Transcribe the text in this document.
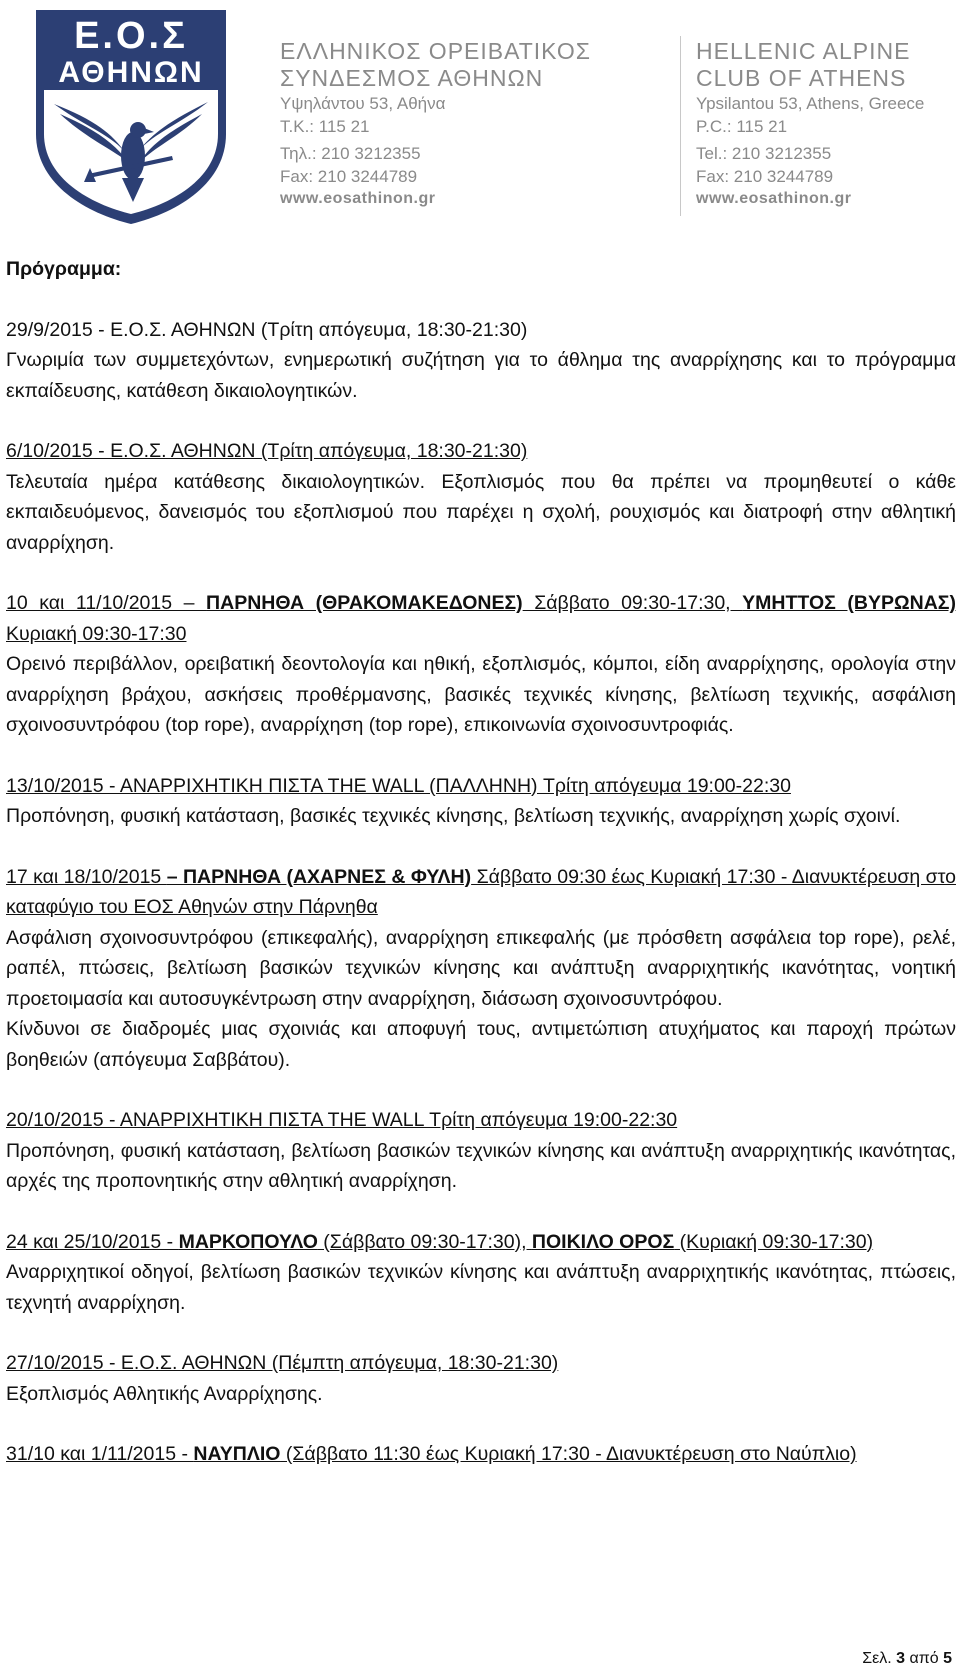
Ε.Ο.Σ
ΑΘΗΝΩΝ
ΕΛΛΗΝΙΚΟΣ ΟΡΕΙΒΑΤΙΚΟΣ
ΣΥΝΔΕΣΜΟΣ ΑΘΗΝΩΝ
Υψηλάντου 53, Αθήνα
Τ.Κ.: 115 21
Τηλ.: 210 3212355
Fax: 210 3244789
www.eosathinon.gr
HELLENIC ALPINE
CLUB OF ATHENS
Ypsilantou 53, Athens, Greece
P.C.: 115 21
Tel.: 210 3212355
Fax: 210 3244789
www.eosathinon.gr
Πρόγραμμα:
29/9/2015 - Ε.Ο.Σ. ΑΘΗΝΩΝ (Τρίτη απόγευμα, 18:30-21:30)
Γνωριμία των συμμετεχόντων, ενημερωτική συζήτηση για το άθλημα της αναρρίχησης και το πρόγραμμα εκπαίδευσης, κατάθεση δικαιολογητικών.
6/10/2015 - Ε.Ο.Σ. ΑΘΗΝΩΝ (Τρίτη απόγευμα, 18:30-21:30)
Τελευταία ημέρα κατάθεσης δικαιολογητικών. Εξοπλισμός που θα πρέπει να προμηθευτεί ο κάθε εκπαιδευόμενος, δανεισμός του εξοπλισμού που παρέχει η σχολή, ρουχισμός και διατροφή στην αθλητική αναρρίχηση.
10 και 11/10/2015 – ΠΑΡΝΗΘΑ (ΘΡΑΚΟΜΑΚΕΔΟΝΕΣ) Σάββατο 09:30-17:30, ΥΜΗΤΤΟΣ (ΒΥΡΩΝΑΣ) Κυριακή 09:30-17:30
Ορεινό περιβάλλον, ορειβατική δεοντολογία και ηθική, εξοπλισμός, κόμποι, είδη αναρρίχησης, ορολογία στην αναρρίχηση βράχου, ασκήσεις προθέρμανσης, βασικές τεχνικές κίνησης, βελτίωση τεχνικής, ασφάλιση σχοινοσυντρόφου (top rope), αναρρίχηση (top rope), επικοινωνία σχοινοσυντροφιάς.
13/10/2015 - ΑΝΑΡΡΙΧΗΤΙΚΗ ΠΙΣΤΑ THE WALL (ΠΑΛΛΗΝΗ) Τρίτη απόγευμα 19:00-22:30
Προπόνηση, φυσική κατάσταση, βασικές τεχνικές κίνησης, βελτίωση τεχνικής, αναρρίχηση χωρίς σχοινί.
17 και 18/10/2015 – ΠΑΡΝΗΘΑ (ΑΧΑΡΝΕΣ & ΦΥΛΗ) Σάββατο 09:30 έως Κυριακή 17:30 - Διανυκτέρευση στο καταφύγιο του ΕΟΣ Αθηνών στην Πάρνηθα
Ασφάλιση σχοινοσυντρόφου (επικεφαλής), αναρρίχηση επικεφαλής (με πρόσθετη ασφάλεια top rope), ρελέ, ραπέλ, πτώσεις, βελτίωση βασικών τεχνικών κίνησης και ανάπτυξη αναρριχητικής ικανότητας, νοητική προετοιμασία και αυτοσυγκέντρωση στην αναρρίχηση, διάσωση σχοινοσυντρόφου.
Κίνδυνοι σε διαδρομές μιας σχοινιάς και αποφυγή τους, αντιμετώπιση ατυχήματος και παροχή πρώτων βοηθειών (απόγευμα Σαββάτου).
20/10/2015 - ΑΝΑΡΡΙΧΗΤΙΚΗ ΠΙΣΤΑ THE WALL Τρίτη απόγευμα 19:00-22:30
Προπόνηση, φυσική κατάσταση, βελτίωση βασικών τεχνικών κίνησης και ανάπτυξη αναρριχητικής ικανότητας, αρχές της προπονητικής στην αθλητική αναρρίχηση.
24 και 25/10/2015 - ΜΑΡΚΟΠΟΥΛΟ (Σάββατο 09:30-17:30), ΠΟΙΚΙΛΟ ΟΡΟΣ (Κυριακή 09:30-17:30)
Αναρριχητικοί οδηγοί, βελτίωση βασικών τεχνικών κίνησης και ανάπτυξη αναρριχητικής ικανότητας, πτώσεις, τεχνητή αναρρίχηση.
27/10/2015 - Ε.Ο.Σ. ΑΘΗΝΩΝ (Πέμπτη απόγευμα, 18:30-21:30)
Εξοπλισμός Αθλητικής Αναρρίχησης.
31/10 και 1/11/2015 - ΝΑΥΠΛΙΟ (Σάββατο 11:30 έως Κυριακή 17:30 - Διανυκτέρευση στο Ναύπλιο)
Σελ. 3 από 5
